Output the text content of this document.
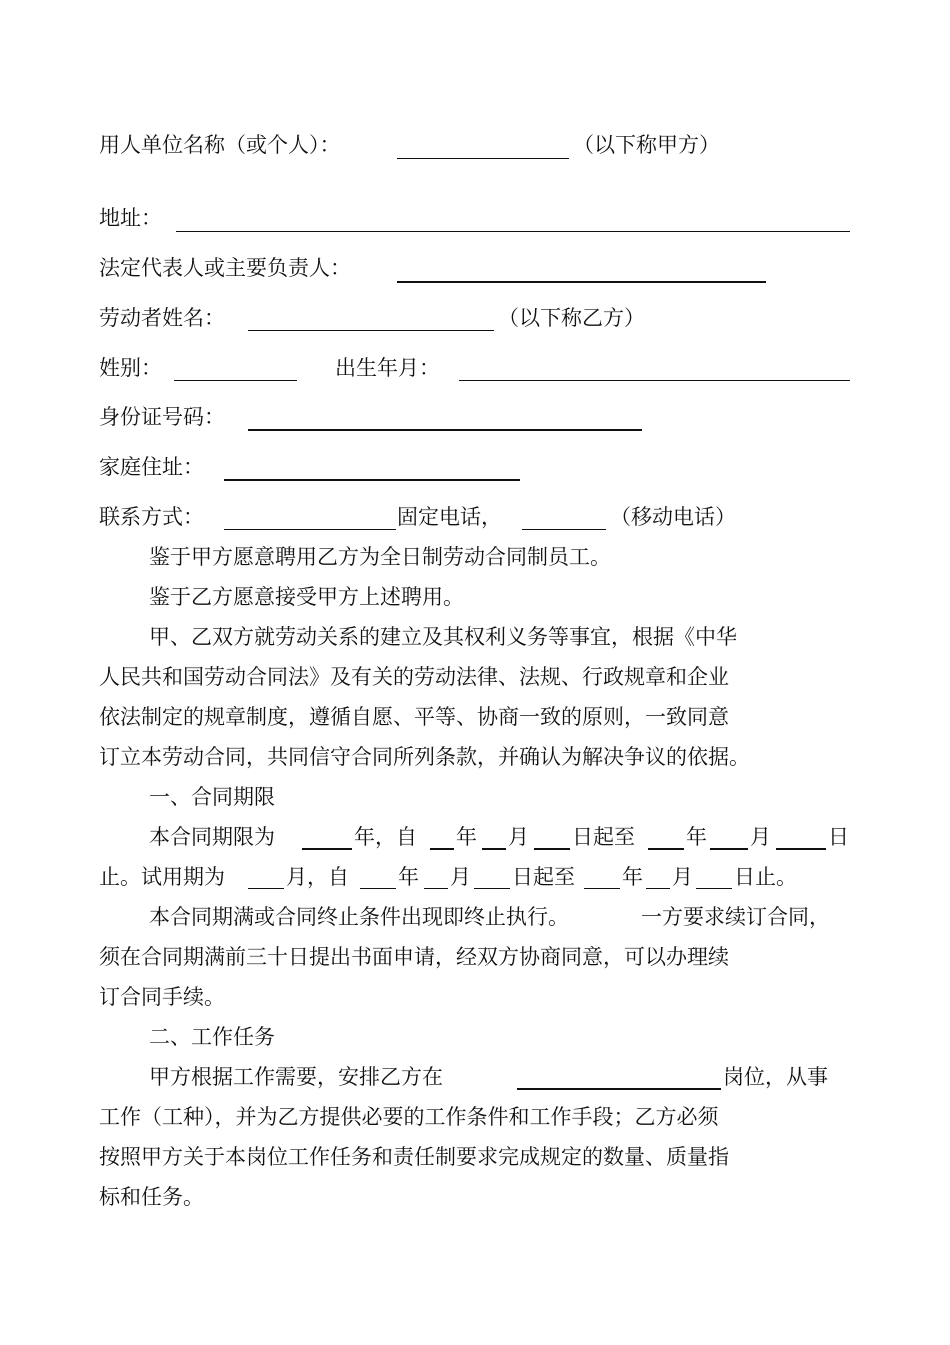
用人单位名称（或个人）：	（以下称甲方）
地址：
法定代表人或主要负责人：
劳动者姓名：	（以下称乙方）
姓别：	出生年月：
身份证号码：
家庭住址：
联系方式：	固定电话，	（移动电话）
鉴于甲方愿意聘用乙方为全日制劳动合同制员工。
鉴于乙方愿意接受甲方上述聘用。
甲、乙双方就劳动关系的建立及其权利义务等事宜，根据《中华
人民共和国劳动合同法》及有关的劳动法律、法规、行政规章和企业
依法制定的规章制度，遵循自愿、平等、协商一致的原则，一致同意
订立本劳动合同，共同信守合同所列条款，并确认为解决争议的依据。
一、合同期限
本合同期限为	年，自 年 月 日起至 年 月	日
止。试用期为	月，自 年 月 日起至 年 月 日止。
本合同期满或合同终止条件出现即终止执行。	一方要求续订合同，
须在合同期满前三十日提出书面申请，经双方协商同意，可以办理续
订合同手续。
二、工作任务
甲方根据工作需要，安排乙方在	岗位，从事
工作（工种），并为乙方提供必要的工作条件和工作手段；乙方必须
按照甲方关于本岗位工作任务和责任制要求完成规定的数量、质量指
标和任务。
